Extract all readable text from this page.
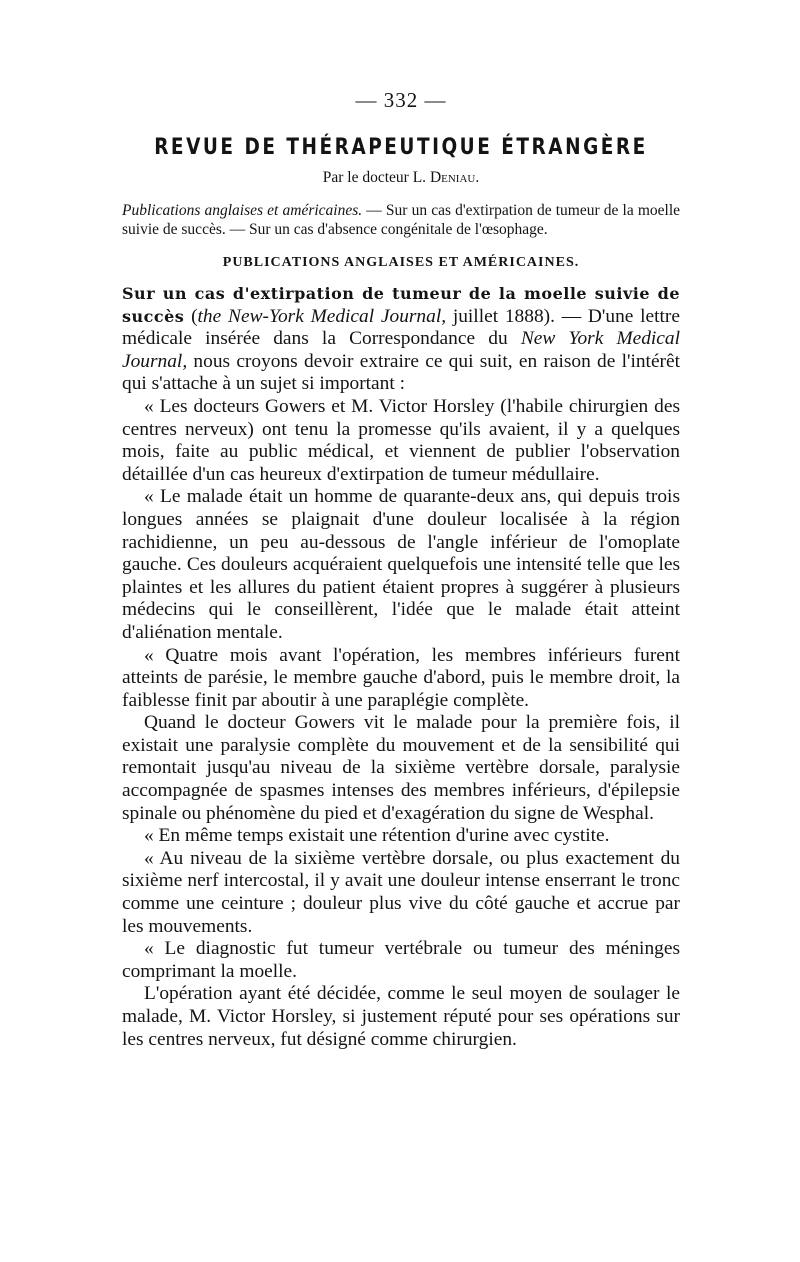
— 332 —
REVUE DE THÉRAPEUTIQUE ÉTRANGÈRE
Par le docteur L. Deniau.
Publications anglaises et américaines. — Sur un cas d'extirpation de tumeur de la moelle suivie de succès. — Sur un cas d'absence congénitale de l'œsophage.
PUBLICATIONS ANGLAISES ET AMÉRICAINES.

Sur un cas d'extirpation de tumeur de la moelle suivie de succès (the New-York Medical Journal, juillet 1888). — D'une lettre médicale insérée dans la Correspondance du New York Medical Journal, nous croyons devoir extraire ce qui suit, en raison de l'intérêt qui s'attache à un sujet si important :

« Les docteurs Gowers et M. Victor Horsley (l'habile chirurgien des centres nerveux) ont tenu la promesse qu'ils avaient, il y a quelques mois, faite au public médical, et viennent de publier l'observation détaillée d'un cas heureux d'extirpation de tumeur médullaire.

« Le malade était un homme de quarante-deux ans, qui depuis trois longues années se plaignait d'une douleur localisée à la région rachidienne, un peu au-dessous de l'angle inférieur de l'omoplate gauche. Ces douleurs acquéraient quelquefois une intensité telle que les plaintes et les allures du patient étaient propres à suggérer à plusieurs médecins qui le conseillèrent, l'idée que le malade était atteint d'aliénation mentale.

« Quatre mois avant l'opération, les membres inférieurs furent atteints de parésie, le membre gauche d'abord, puis le membre droit, la faiblesse finit par aboutir à une paraplégie complète.

Quand le docteur Gowers vit le malade pour la première fois, il existait une paralysie complète du mouvement et de la sensibilité qui remontait jusqu'au niveau de la sixième vertèbre dorsale, paralysie accompagnée de spasmes intenses des membres inférieurs, d'épilepsie spinale ou phénomène du pied et d'exagération du signe de Wesphal.

« En même temps existait une rétention d'urine avec cystite.

« Au niveau de la sixième vertèbre dorsale, ou plus exactement du sixième nerf intercostal, il y avait une douleur intense enserrant le tronc comme une ceinture ; douleur plus vive du côté gauche et accrue par les mouvements.

« Le diagnostic fut tumeur vertébrale ou tumeur des méninges comprimant la moelle.

L'opération ayant été décidée, comme le seul moyen de soulager le malade, M. Victor Horsley, si justement réputé pour ses opérations sur les centres nerveux, fut désigné comme chirurgien.
